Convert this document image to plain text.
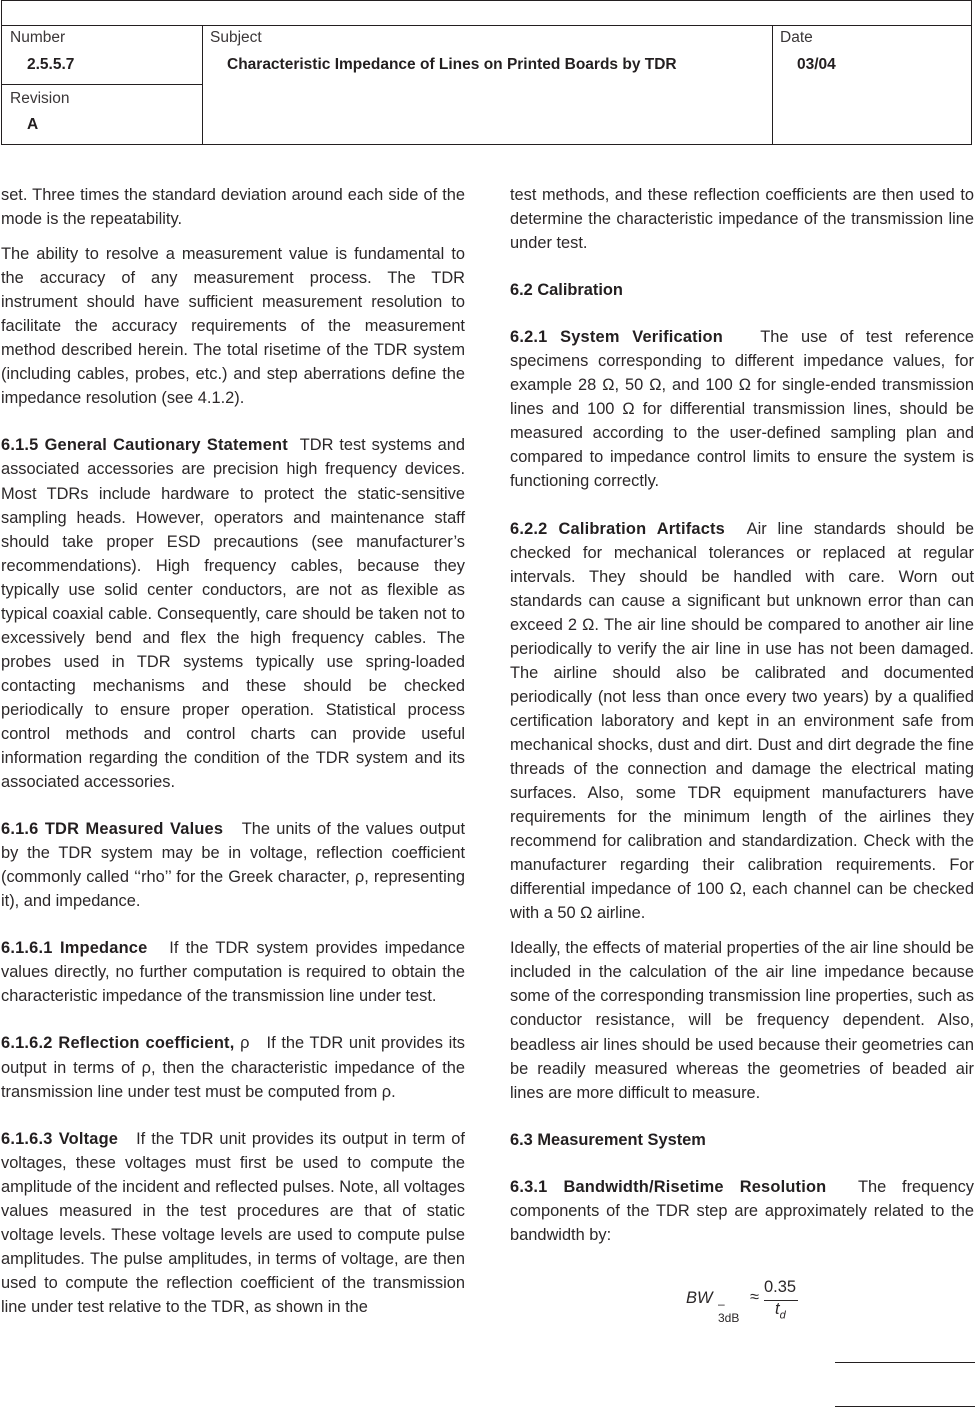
Number
2.5.5.7
Revision
A
Subject
Characteristic Impedance of Lines on Printed Boards by TDR
Date
03/04

set. Three times the standard deviation around each side of the mode is the repeatability.

The ability to resolve a measurement value is fundamental to the accuracy of any measurement process. The TDR instrument should have sufficient measurement resolution to facilitate the accuracy requirements of the measurement method described herein. The total risetime of the TDR system (including cables, probes, etc.) and step aberrations define the impedance resolution (see 4.1.2).

6.1.5 General Cautionary Statement TDR test systems and associated accessories are precision high frequency devices. Most TDRs include hardware to protect the static-sensitive sampling heads. However, operators and maintenance staff should take proper ESD precautions (see manufacturer’s recommendations). High frequency cables, because they typically use solid center conductors, are not as flexible as typical coaxial cable. Consequently, care should be taken not to excessively bend and flex the high frequency cables. The probes used in TDR systems typically use spring-loaded contacting mechanisms and these should be checked periodically to ensure proper operation. Statistical process control methods and control charts can provide useful information regarding the condition of the TDR system and its associated accessories.

6.1.6 TDR Measured Values The units of the values output by the TDR system may be in voltage, reflection coefficient (commonly called ‘‘rho’’ for the Greek character, ρ, representing it), and impedance.

6.1.6.1 Impedance If the TDR system provides impedance values directly, no further computation is required to obtain the characteristic impedance of the transmission line under test.

6.1.6.2 Reflection coefficient, ρ If the TDR unit provides its output in terms of ρ, then the characteristic impedance of the transmission line under test must be computed from ρ.

6.1.6.3 Voltage If the TDR unit provides its output in term of voltages, these voltages must first be used to compute the amplitude of the incident and reflected pulses. Note, all voltages values measured in the test procedures are that of static voltage levels. These voltage levels are used to compute pulse amplitudes. The pulse amplitudes, in terms of voltage, are then used to compute the reflection coefficient of the transmission line under test relative to the TDR, as shown in the

test methods, and these reflection coefficients are then used to determine the characteristic impedance of the transmission line under test.

6.2 Calibration

6.2.1 System Verification The use of test reference specimens corresponding to different impedance values, for example 28 Ω, 50 Ω, and 100 Ω for single-ended transmission lines and 100 Ω for differential transmission lines, should be measured according to the user-defined sampling plan and compared to impedance control limits to ensure the system is functioning correctly.

6.2.2 Calibration Artifacts Air line standards should be checked for mechanical tolerances or replaced at regular intervals. They should be handled with care. Worn out standards can cause a significant but unknown error than can exceed 2 Ω. The air line should be compared to another air line periodically to verify the air line in use has not been damaged. The airline should also be calibrated and documented periodically (not less than once every two years) by a qualified certification laboratory and kept in an environment safe from mechanical shocks, dust and dirt. Dust and dirt degrade the fine threads of the connection and damage the electrical mating surfaces. Also, some TDR equipment manufacturers have requirements for the minimum length of the airlines they recommend for calibration and standardization. Check with the manufacturer regarding their calibration requirements. For differential impedance of 100 Ω, each channel can be checked with a 50 Ω airline.

Ideally, the effects of material properties of the air line should be included in the calculation of the air line impedance because some of the corresponding transmission line properties, such as conductor resistance, will be frequency dependent. Also, beadless air lines should be used because their geometries can be readily measured whereas the geometries of beaded air lines are more difficult to measure.

6.3 Measurement System

6.3.1 Bandwidth/Risetime Resolution The frequency components of the TDR step are approximately related to the bandwidth by:

BW –3dB
≈
0.35
$t_d$
